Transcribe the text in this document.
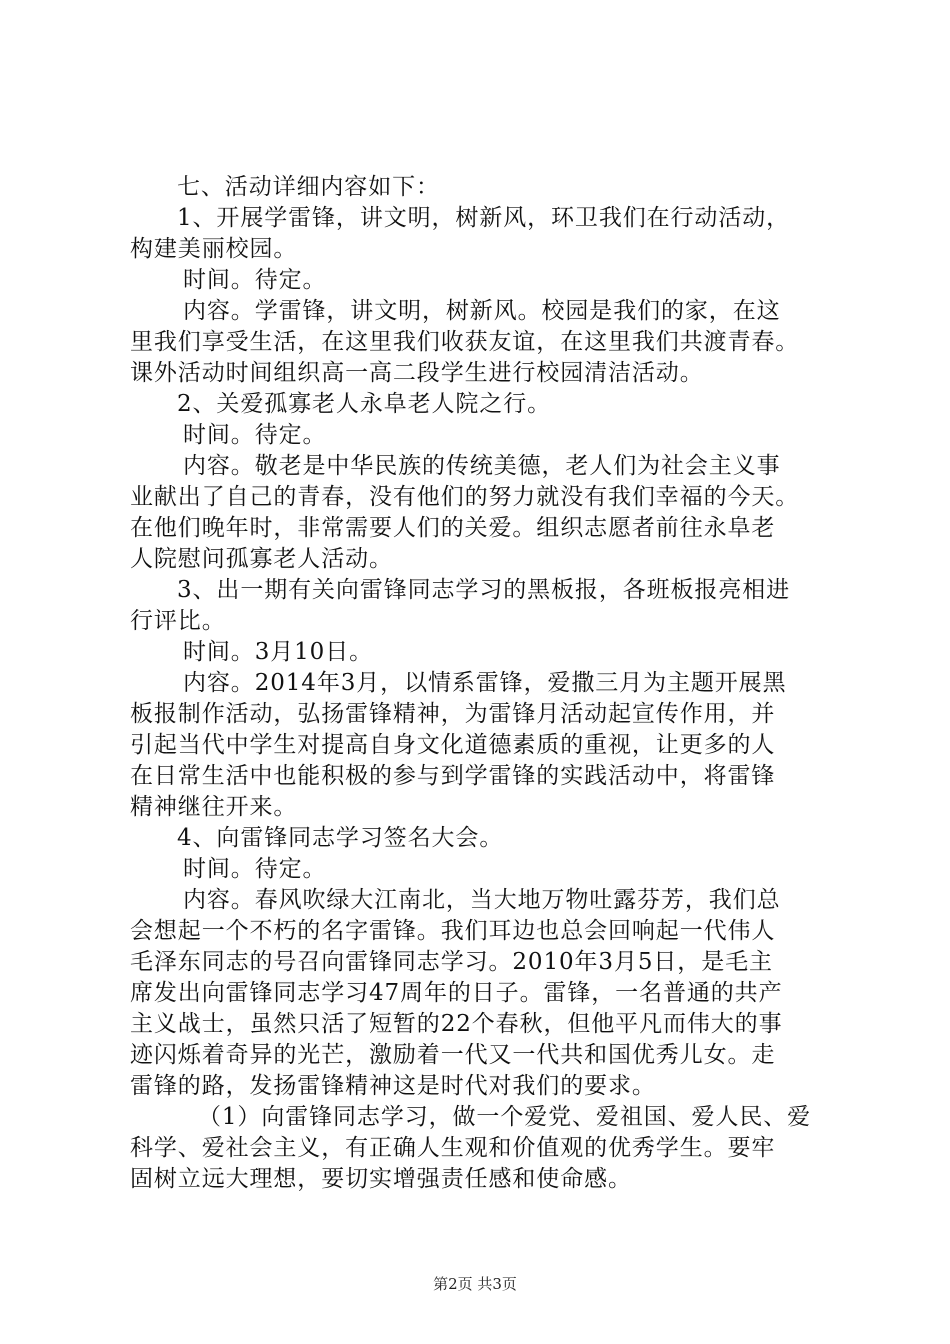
七、活动详细内容如下：
1、开展学雷锋，讲文明，树新风，环卫我们在行动活动，
构建美丽校园。
时间。待定。
内容。学雷锋，讲文明，树新风。校园是我们的家，在这
里我们享受生活，在这里我们收获友谊，在这里我们共渡青春。
课外活动时间组织高一高二段学生进行校园清洁活动。
2、关爱孤寡老人永阜老人院之行。
时间。待定。
内容。敬老是中华民族的传统美德，老人们为社会主义事
业献出了自己的青春，没有他们的努力就没有我们幸福的今天。
在他们晚年时，非常需要人们的关爱。组织志愿者前往永阜老
人院慰问孤寡老人活动。
3、出一期有关向雷锋同志学习的黑板报，各班板报亮相进
行评比。
时间。3月10日。
内容。2014年3月，以情系雷锋，爱撒三月为主题开展黑
板报制作活动，弘扬雷锋精神，为雷锋月活动起宣传作用，并
引起当代中学生对提高自身文化道德素质的重视，让更多的人
在日常生活中也能积极的参与到学雷锋的实践活动中，将雷锋
精神继往开来。
4、向雷锋同志学习签名大会。
时间。待定。
内容。春风吹绿大江南北，当大地万物吐露芬芳，我们总
会想起一个不朽的名字雷锋。我们耳边也总会回响起一代伟人
毛泽东同志的号召向雷锋同志学习。2010年3月5日，是毛主
席发出向雷锋同志学习47周年的日子。雷锋，一名普通的共产
主义战士，虽然只活了短暂的22个春秋，但他平凡而伟大的事
迹闪烁着奇异的光芒，激励着一代又一代共和国优秀儿女。走
雷锋的路，发扬雷锋精神这是时代对我们的要求。
（1）向雷锋同志学习，做一个爱党、爱祖国、爱人民、爱
科学、爱社会主义，有正确人生观和价值观的优秀学生。要牢
固树立远大理想，要切实增强责任感和使命感。
第2页 共3页
